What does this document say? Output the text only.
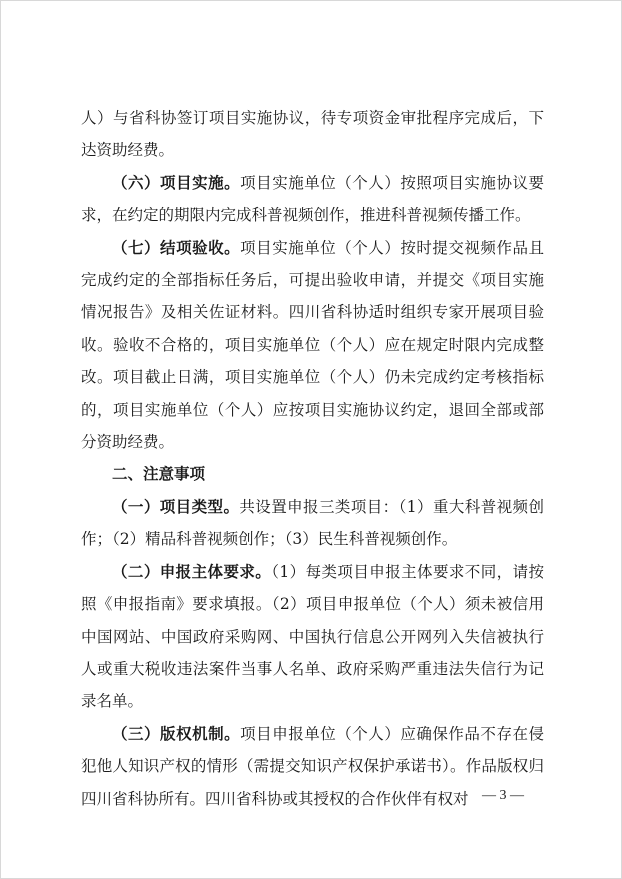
人）与省科协签订项目实施协议，待专项资金审批程序完成后，下达资助经费。

（六）项目实施。项目实施单位（个人）按照项目实施协议要求，在约定的期限内完成科普视频创作，推进科普视频传播工作。

（七）结项验收。项目实施单位（个人）按时提交视频作品且完成约定的全部指标任务后，可提出验收申请，并提交《项目实施情况报告》及相关佐证材料。四川省科协适时组织专家开展项目验收。验收不合格的，项目实施单位（个人）应在规定时限内完成整改。项目截止日满，项目实施单位（个人）仍未完成约定考核指标的，项目实施单位（个人）应按项目实施协议约定，退回全部或部分资助经费。

二、注意事项

（一）项目类型。共设置申报三类项目：（1）重大科普视频创作；（2）精品科普视频创作；（3）民生科普视频创作。

（二）申报主体要求。（1）每类项目申报主体要求不同，请按照《申报指南》要求填报。（2）项目申报单位（个人）须未被信用中国网站、中国政府采购网、中国执行信息公开网列入失信被执行人或重大税收违法案件当事人名单、政府采购严重违法失信行为记录名单。

（三）版权机制。项目申报单位（个人）应确保作品不存在侵犯他人知识产权的情形（需提交知识产权保护承诺书）。作品版权归四川省科协所有。四川省科协或其授权的合作伙伴有权对 — 3 —
